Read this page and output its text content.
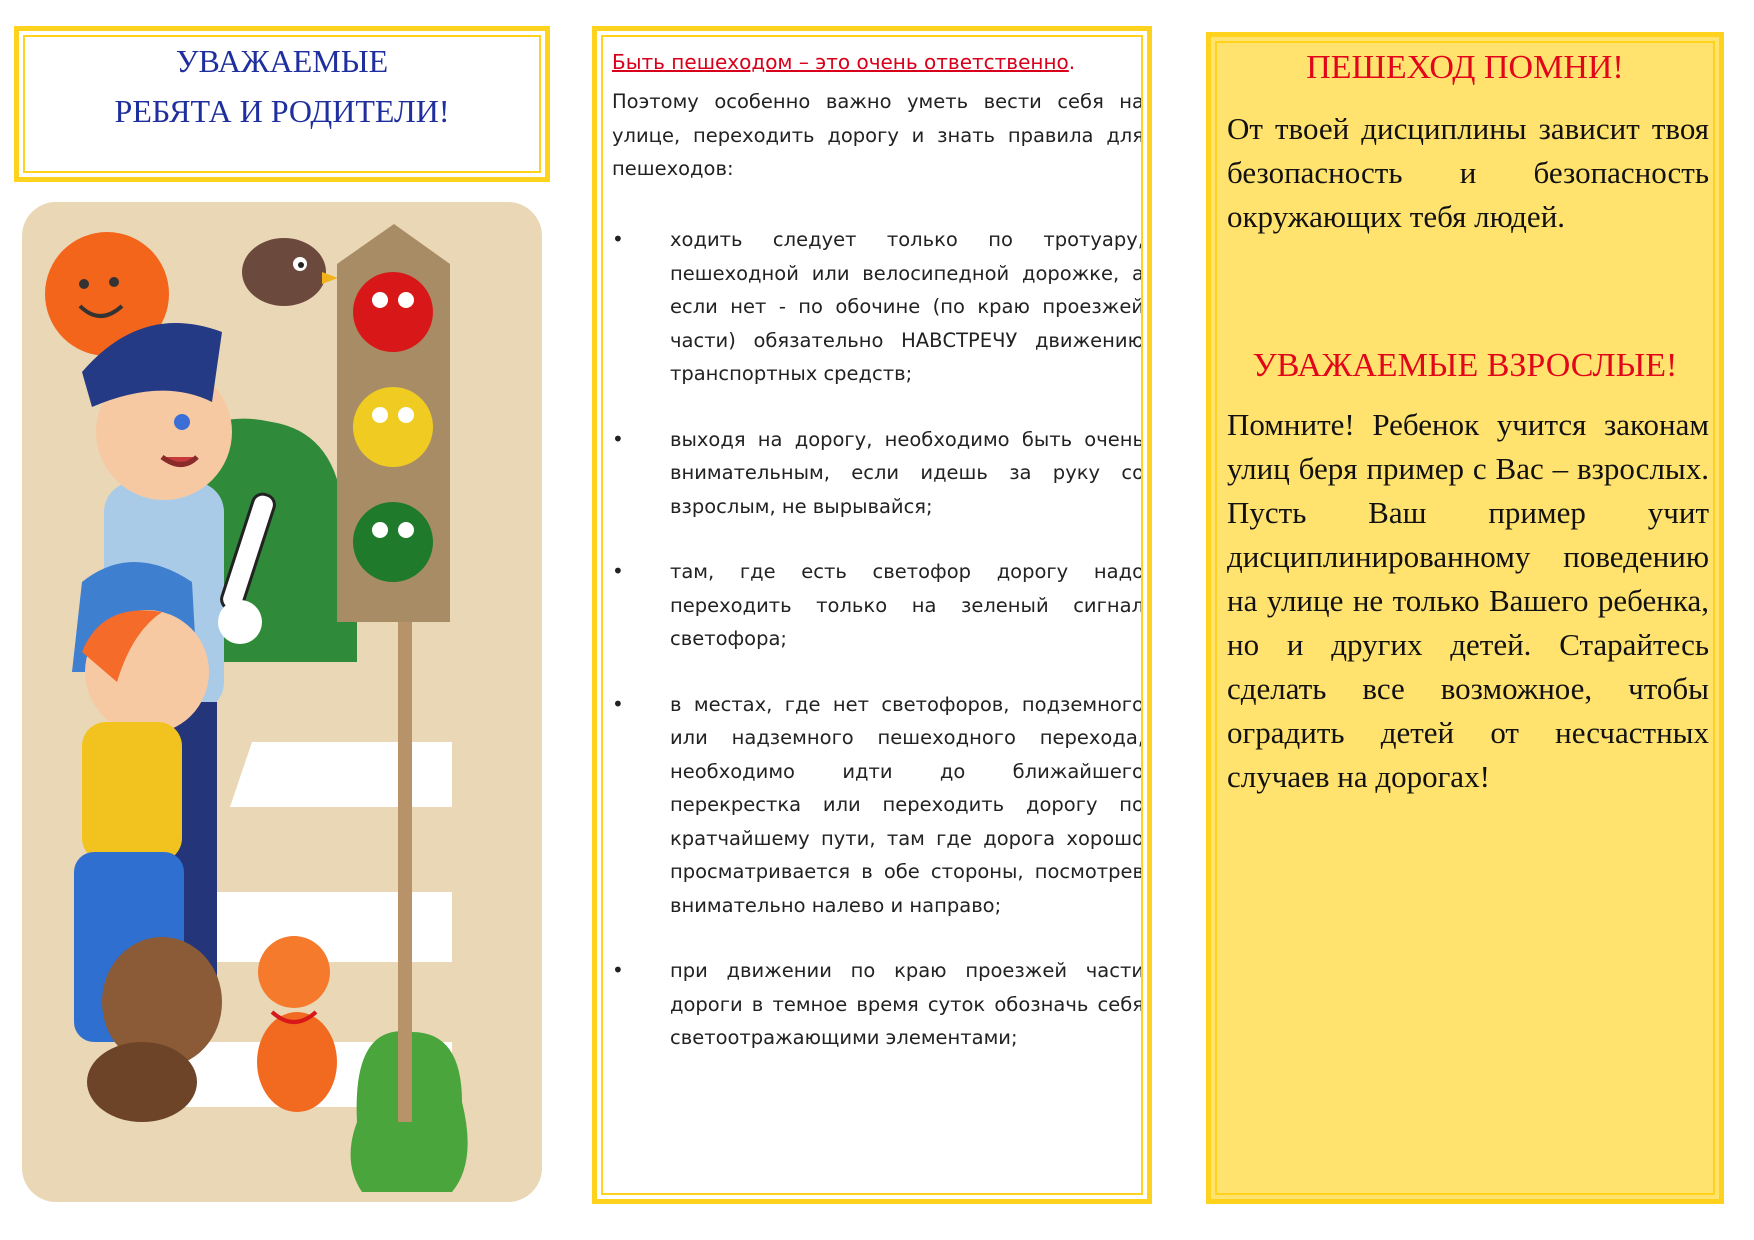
УВАЖАЕМЫЕ
РЕБЯТА И РОДИТЕЛИ!
Быть пешеходом – это очень ответственно.
Поэтому особенно важно уметь вести себя на улице, переходить дорогу и знать правила для пешеходов:
•	ходить следует только по тротуару, пешеходной или велосипедной дорожке, а если нет - по обочине (по краю проезжей части) обязательно НАВСТРЕЧУ движению транспортных средств;
•	выходя на дорогу, необходимо быть очень внимательным, если идешь за руку со взрослым, не вырывайся;
•	там, где есть светофор дорогу надо переходить только на зеленый сигнал светофора;
•	в местах, где нет светофоров, подземного или надземного пешеходного перехода, необходимо идти до ближайшего перекрестка или переходить дорогу по кратчайшему пути, там где дорога хорошо просматривается в обе стороны, посмотрев внимательно налево и направо;
•	при движении по краю проезжей части дороги в темное время суток обозначь себя светоотражающими элементами;
ПЕШЕХОД ПОМНИ!
От твоей дисциплины зависит твоя безопасность и безопасность окружающих тебя людей.
УВАЖАЕМЫЕ ВЗРОСЛЫЕ!
Помните! Ребенок учится законам улиц беря пример с Вас – взрослых. Пусть Ваш пример учит дисциплинированному поведению на улице не только Вашего ребенка, но и других детей. Старайтесь сделать все возможное, чтобы оградить детей от несчастных случаев на дорогах!
